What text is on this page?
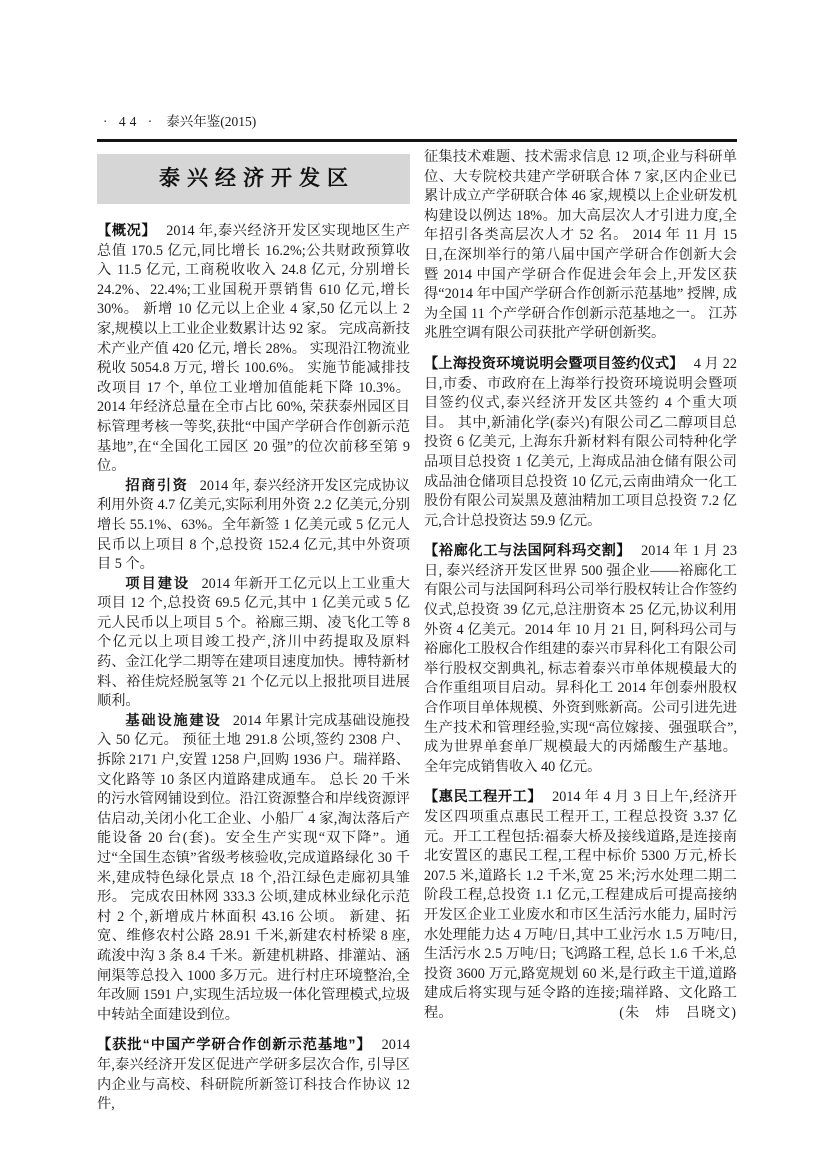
· 44 · 泰兴年鉴(2015)
泰兴经济开发区

【概况】 2014 年,泰兴经济开发区实现地区生产总值 170.5 亿元,同比增长 16.2%;公共财政预算收入 11.5 亿元, 工商税收收入 24.8 亿元, 分别增长 24.2%、22.4%;工业国税开票销售 610 亿元,增长 30%。 新增 10 亿元以上企业 4 家,50 亿元以上 2 家,规模以上工业企业数累计达 92 家。 完成高新技术产业产值 420 亿元, 增长 28%。 实现沿江物流业税收 5054.8 万元, 增长 100.6%。 实施节能减排技改项目 17 个, 单位工业增加值能耗下降 10.3%。2014 年经济总量在全市占比 60%, 荣获泰州园区目标管理考核一等奖,获批“中国产学研合作创新示范基地”,在“全国化工园区 20 强”的位次前移至第 9 位。

招商引资 2014 年, 泰兴经济开发区完成协议利用外资 4.7 亿美元,实际利用外资 2.2 亿美元,分别增长 55.1%、63%。全年新签 1 亿美元或 5 亿元人民币以上项目 8 个,总投资 152.4 亿元,其中外资项目 5 个。

项目建设 2014 年新开工亿元以上工业重大项目 12 个,总投资 69.5 亿元,其中 1 亿美元或 5 亿元人民币以上项目 5 个。裕廊三期、凌飞化工等 8 个亿元以上项目竣工投产,济川中药提取及原料药、金江化学二期等在建项目速度加快。博特新材料、裕佳烷烃脱氢等 21 个亿元以上报批项目进展顺利。

基础设施建设 2014 年累计完成基础设施投入 50 亿元。 预征土地 291.8 公顷,签约 2308 户、拆除 2171 户,安置 1258 户,回购 1936 户。瑞祥路、文化路等 10 条区内道路建成通车。 总长 20 千米的污水管网铺设到位。沿江资源整合和岸线资源评估启动,关闭小化工企业、小船厂 4 家,淘汰落后产能设备 20 台(套)。安全生产实现“双下降”。通过“全国生态镇”省级考核验收,完成道路绿化 30 千米,建成特色绿化景点 18 个,沿江绿色走廊初具雏形。 完成农田林网 333.3 公顷,建成林业绿化示范村 2 个,新增成片林面积 43.16 公顷。 新建、拓宽、维修农村公路 28.91 千米,新建农村桥梁 8 座,疏浚中沟 3 条 8.4 千米。新建机耕路、排灌站、涵闸渠等总投入 1000 多万元。进行村庄环境整治,全年改厕 1591 户,实现生活垃圾一体化管理模式,垃圾中转站全面建设到位。

【获批“中国产学研合作创新示范基地”】 2014 年,泰兴经济开发区促进产学研多层次合作, 引导区内企业与高校、科研院所新签订科技合作协议 12 件,

征集技术难题、技术需求信息 12 项,企业与科研单位、大专院校共建产学研联合体 7 家,区内企业已累计成立产学研联合体 46 家,规模以上企业研发机构建设以例达 18%。加大高层次人才引进力度,全年招引各类高层次人才 52 名。 2014 年 11 月 15 日,在深圳举行的第八届中国产学研合作创新大会暨 2014 中国产学研合作促进会年会上,开发区获得“2014 年中国产学研合作创新示范基地” 授牌, 成为全国 11 个产学研合作创新示范基地之一。 江苏兆胜空调有限公司获批产学研创新奖。

【上海投资环境说明会暨项目签约仪式】 4 月 22 日,市委、市政府在上海举行投资环境说明会暨项目签约仪式,泰兴经济开发区共签约 4 个重大项目。 其中,新浦化学(泰兴)有限公司乙二醇项目总投资 6 亿美元, 上海东升新材料有限公司特种化学品项目总投资 1 亿美元, 上海成品油仓储有限公司成品油仓储项目总投资 10 亿元,云南曲靖众一化工股份有限公司炭黑及蒽油精加工项目总投资 7.2 亿元,合计总投资达 59.9 亿元。

【裕廊化工与法国阿科玛交割】 2014 年 1 月 23 日, 泰兴经济开发区世界 500 强企业——裕廊化工有限公司与法国阿科玛公司举行股权转让合作签约仪式,总投资 39 亿元,总注册资本 25 亿元,协议利用外资 4 亿美元。2014 年 10 月 21 日, 阿科玛公司与裕廊化工股权合作组建的泰兴市昇科化工有限公司举行股权交割典礼, 标志着泰兴市单体规模最大的合作重组项目启动。昇科化工 2014 年创泰州股权合作项目单体规模、外资到账新高。公司引进先进生产技术和管理经验,实现“高位嫁接、强强联合”,成为世界单套单厂规模最大的丙烯酸生产基地。 全年完成销售收入 40 亿元。

【惠民工程开工】 2014 年 4 月 3 日上午,经济开发区四项重点惠民工程开工, 工程总投资 3.37 亿元。开工工程包括:福泰大桥及接线道路,是连接南北安置区的惠民工程,工程中标价 5300 万元,桥长 207.5 米,道路长 1.2 千米,宽 25 米;污水处理二期二阶段工程,总投资 1.1 亿元,工程建成后可提高接纳开发区企业工业废水和市区生活污水能力, 届时污水处理能力达 4 万吨/日,其中工业污水 1.5 万吨/日,生活污水 2.5 万吨/日; 飞鸿路工程, 总长 1.6 千米,总投资 3600 万元,路宽规划 60 米,是行政主干道,道路建成后将实现与延令路的连接;瑞祥路、文化路工程。	(朱　炜　吕晓文)
